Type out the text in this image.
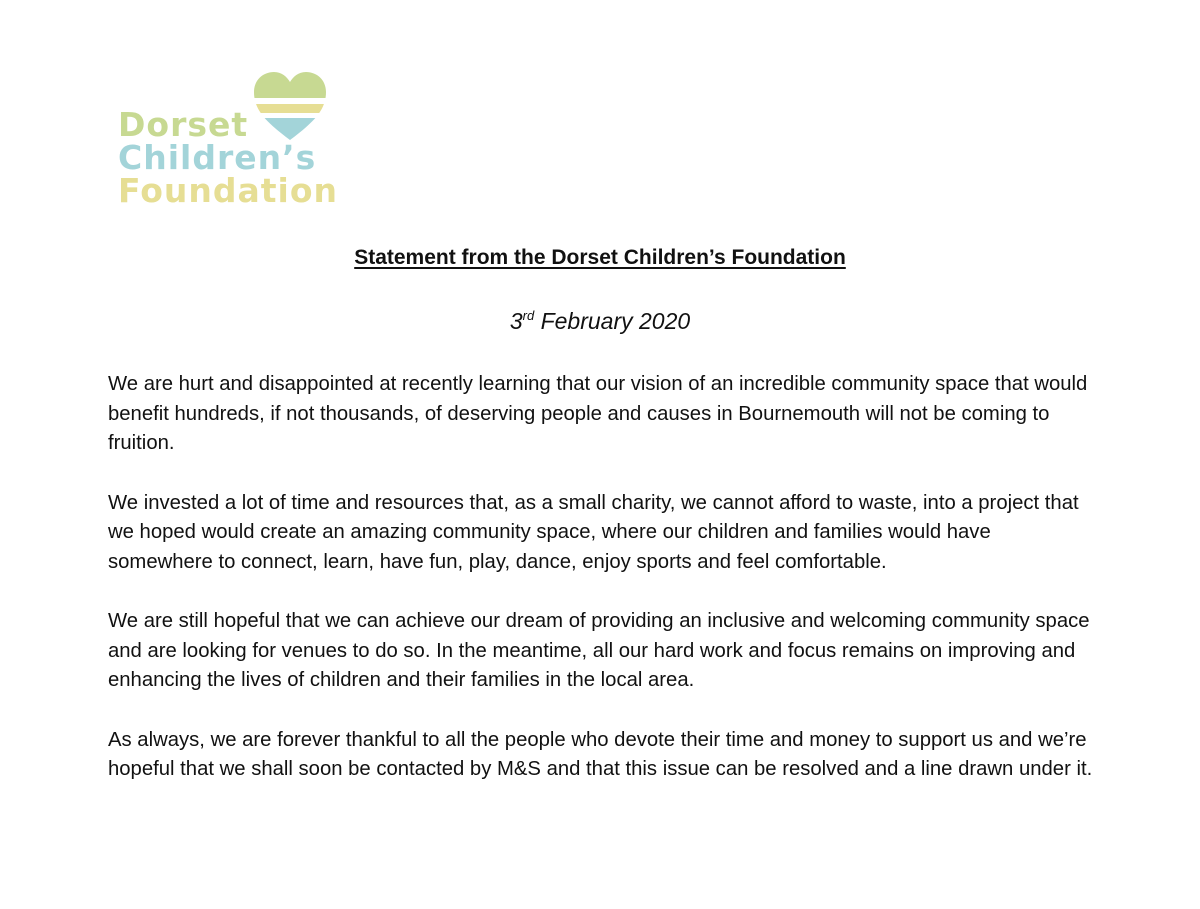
Dorset
Children’s
Foundation
Statement from the Dorset Children’s Foundation
3rd February 2020

We are hurt and disappointed at recently learning that our vision of an incredible community space that would benefit hundreds, if not thousands, of deserving people and causes in Bournemouth will not be coming to fruition.

We invested a lot of time and resources that, as a small charity, we cannot afford to waste, into a project that we hoped would create an amazing community space, where our children and families would have somewhere to connect, learn, have fun, play, dance, enjoy sports and feel comfortable.

We are still hopeful that we can achieve our dream of providing an inclusive and welcoming community space and are looking for venues to do so. In the meantime, all our hard work and focus remains on improving and enhancing the lives of children and their families in the local area.

As always, we are forever thankful to all the people who devote their time and money to support us and we’re hopeful that we shall soon be contacted by M&S and that this issue can be resolved and a line drawn under it.
